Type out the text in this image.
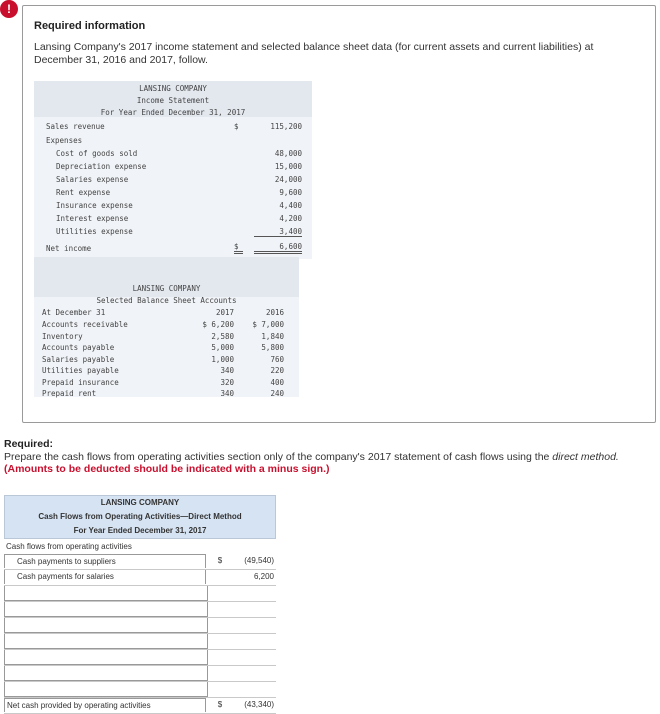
!
Required information
Lansing Company's 2017 income statement and selected balance sheet data (for current assets and current liabilities) at December 31, 2016 and 2017, follow.
LANSING COMPANY
Income Statement
For Year Ended December 31, 2017
Sales revenue	$	115,200
Expenses
Cost of goods sold	48,000
Depreciation expense	15,000
Salaries expense	24,000
Rent expense	9,600
Insurance expense	4,400
Interest expense	4,200
Utilities expense	3,400
Net income	$	6,600
LANSING COMPANY
Selected Balance Sheet Accounts
At December 31	2017	2016
Accounts receivable	$ 6,200	$ 7,000
Inventory	2,580	1,840
Accounts payable	5,000	5,800
Salaries payable	1,000	760
Utilities payable	340	220
Prepaid insurance	320	400
Prepaid rent	340	240
Required:
Prepare the cash flows from operating activities section only of the company's 2017 statement of cash flows using the direct method.
(Amounts to be deducted should be indicated with a minus sign.)
LANSING COMPANY
Cash Flows from Operating Activities—Direct Method
For Year Ended December 31, 2017
Cash flows from operating activities
Cash payments to suppliers	$	(49,540)
Cash payments for salaries	6,200
Net cash provided by operating activities	$	(43,340)
